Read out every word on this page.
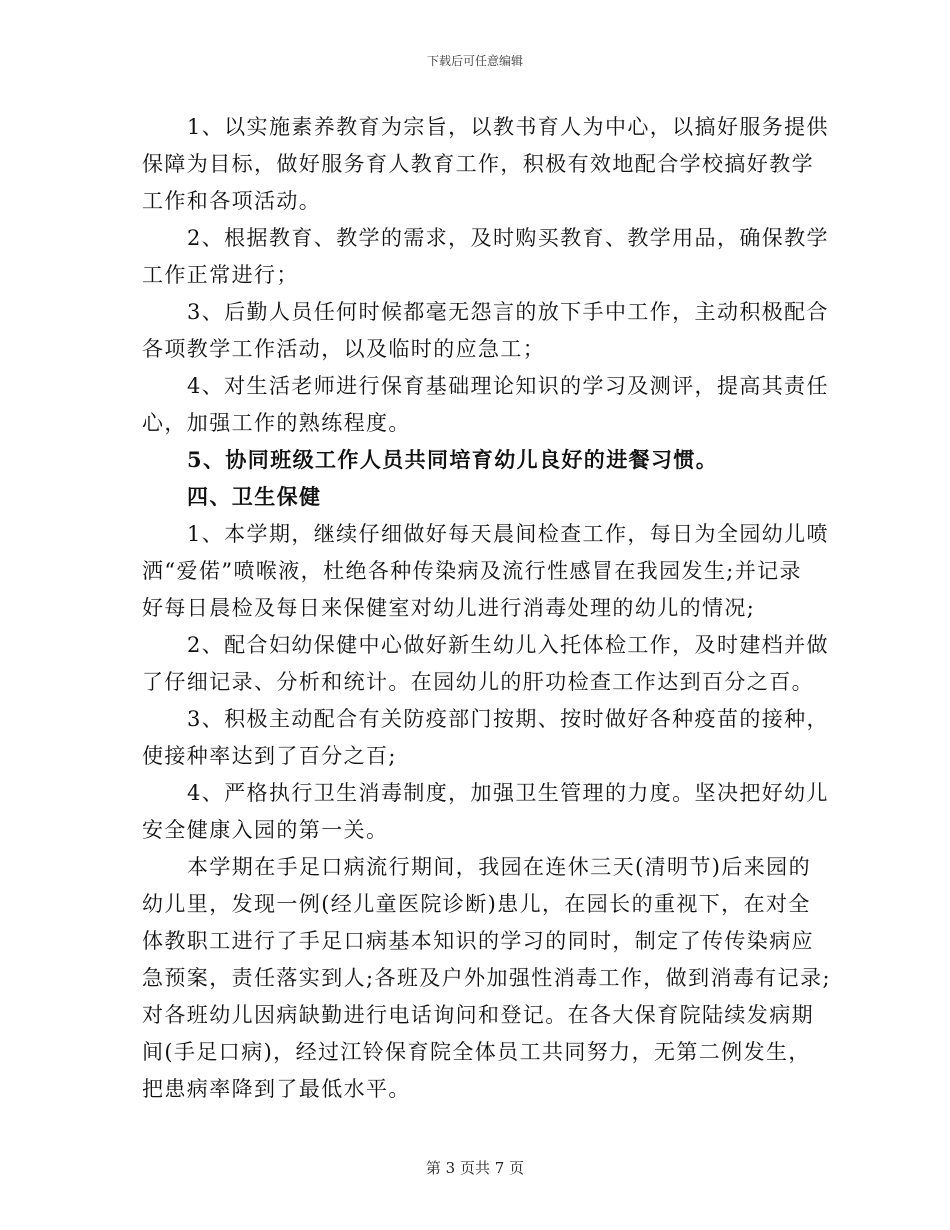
下载后可任意编辑
1、以实施素养教育为宗旨，以教书育人为中心，以搞好服务提供
保障为目标，做好服务育人教育工作，积极有效地配合学校搞好教学
工作和各项活动。
2、根据教育、教学的需求，及时购买教育、教学用品，确保教学
工作正常进行；
3、后勤人员任何时候都毫无怨言的放下手中工作，主动积极配合
各项教学工作活动，以及临时的应急工；
4、对生活老师进行保育基础理论知识的学习及测评，提高其责任
心，加强工作的熟练程度。
5、协同班级工作人员共同培育幼儿良好的进餐习惯。
四、卫生保健
1、本学期，继续仔细做好每天晨间检查工作，每日为全园幼儿喷
洒“爱偌”喷喉液，杜绝各种传染病及流行性感冒在我园发生;并记录
好每日晨检及每日来保健室对幼儿进行消毒处理的幼儿的情况;
2、配合妇幼保健中心做好新生幼儿入托体检工作，及时建档并做
了仔细记录、分析和统计。在园幼儿的肝功检查工作达到百分之百。
3、积极主动配合有关防疫部门按期、按时做好各种疫苗的接种，
使接种率达到了百分之百;
4、严格执行卫生消毒制度，加强卫生管理的力度。坚决把好幼儿
安全健康入园的第一关。
本学期在手足口病流行期间，我园在连休三天(清明节)后来园的
幼儿里，发现一例(经儿童医院诊断)患儿，在园长的重视下，在对全
体教职工进行了手足口病基本知识的学习的同时，制定了传传染病应
急预案，责任落实到人;各班及户外加强性消毒工作，做到消毒有记录;
对各班幼儿因病缺勤进行电话询问和登记。在各大保育院陆续发病期
间(手足口病)，经过江铃保育院全体员工共同努力，无第二例发生，
把患病率降到了最低水平。
第 3 页共 7 页
